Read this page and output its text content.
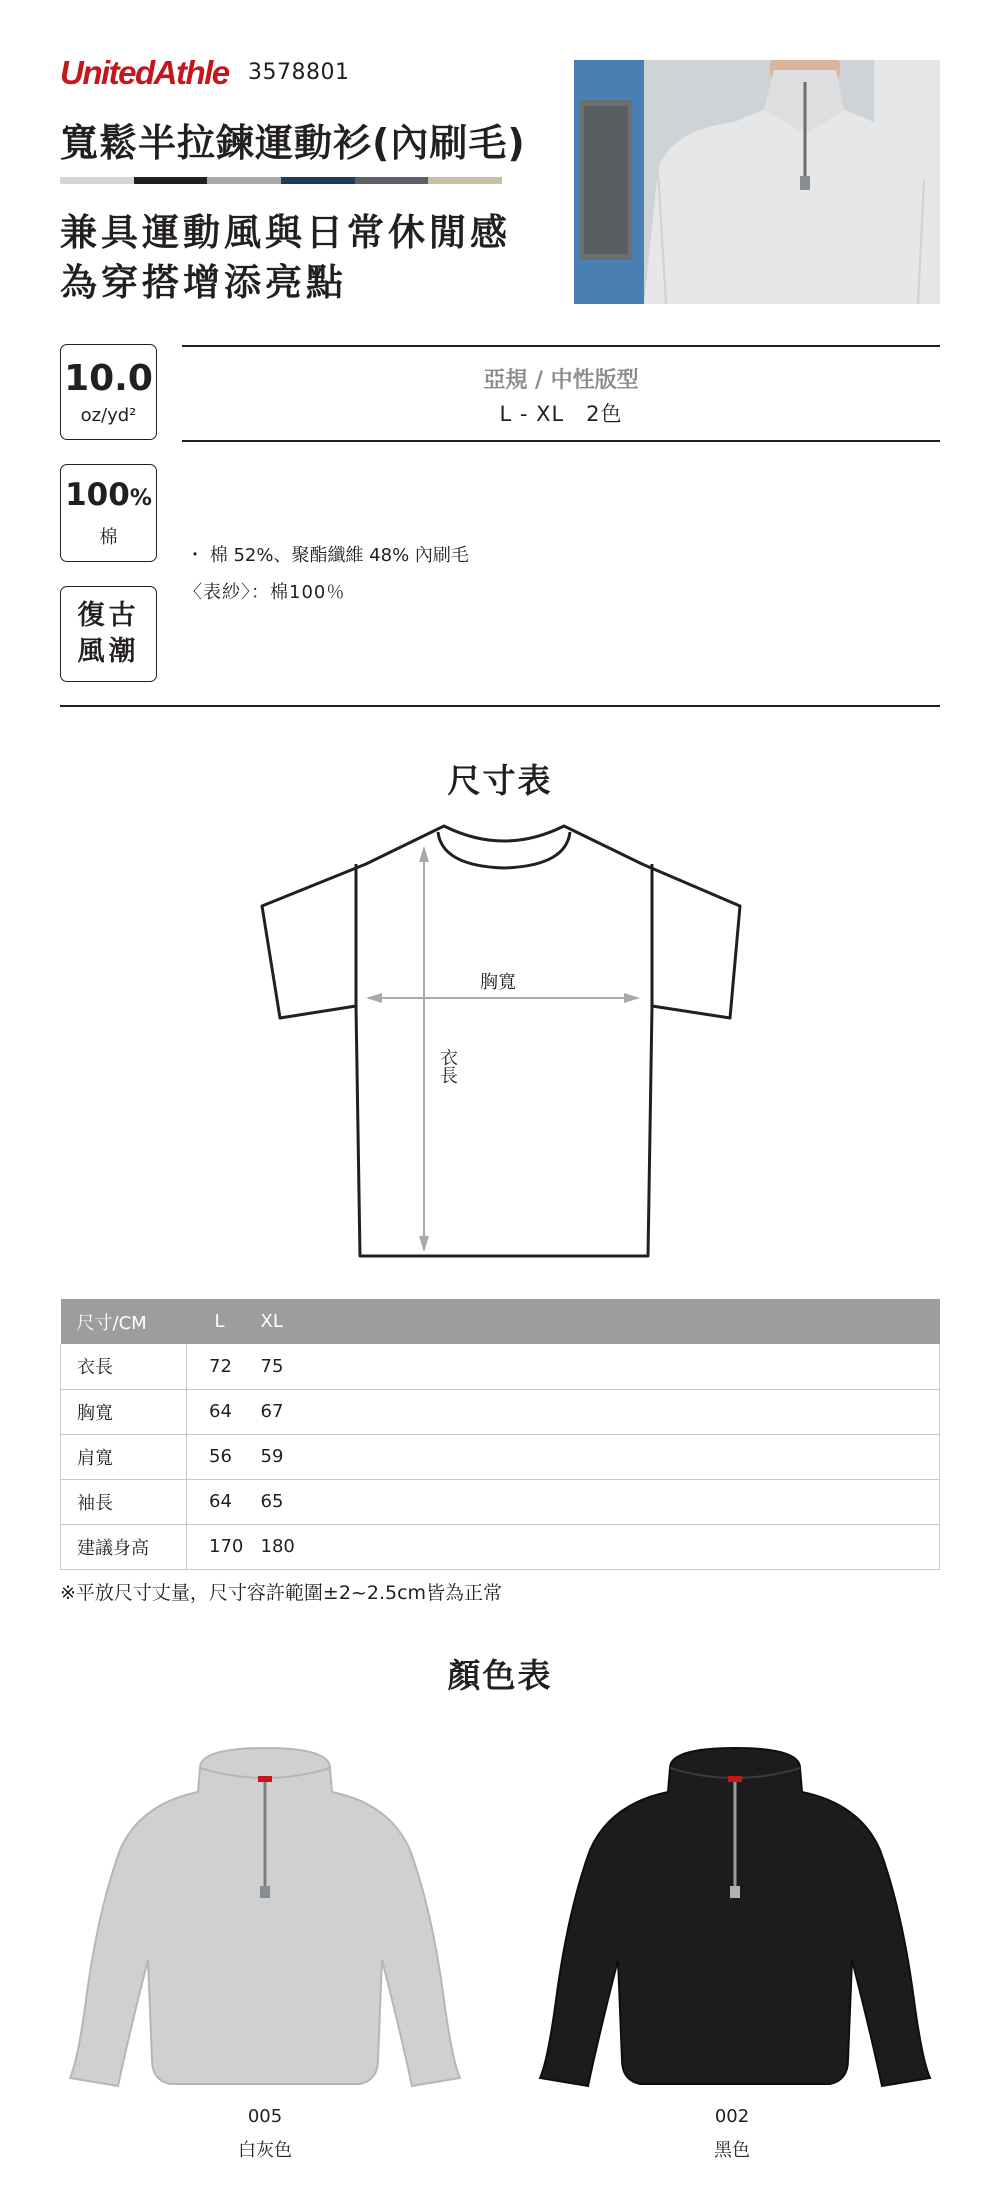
UnitedAthle 3578801
寬鬆半拉鍊運動衫(內刷毛)
兼具運動風與日常休閒感
為穿搭增添亮點
10.0
oz/yd²
100%
棉
復古
風潮
亞規 / 中性版型
L - XL　2色
・ 棉 52%、聚酯纖維 48% 內刷毛
〈表紗〉：棉100％
尺寸表
胸寬
衣長
尺寸/CM	L	XL
衣長	72	75
胸寬	64	67
肩寬	56	59
袖長	64	65
建議身高	170	180
※平放尺寸丈量，尺寸容許範圍±2~2.5cm皆為正常
顏色表
005
白灰色
002
黑色
